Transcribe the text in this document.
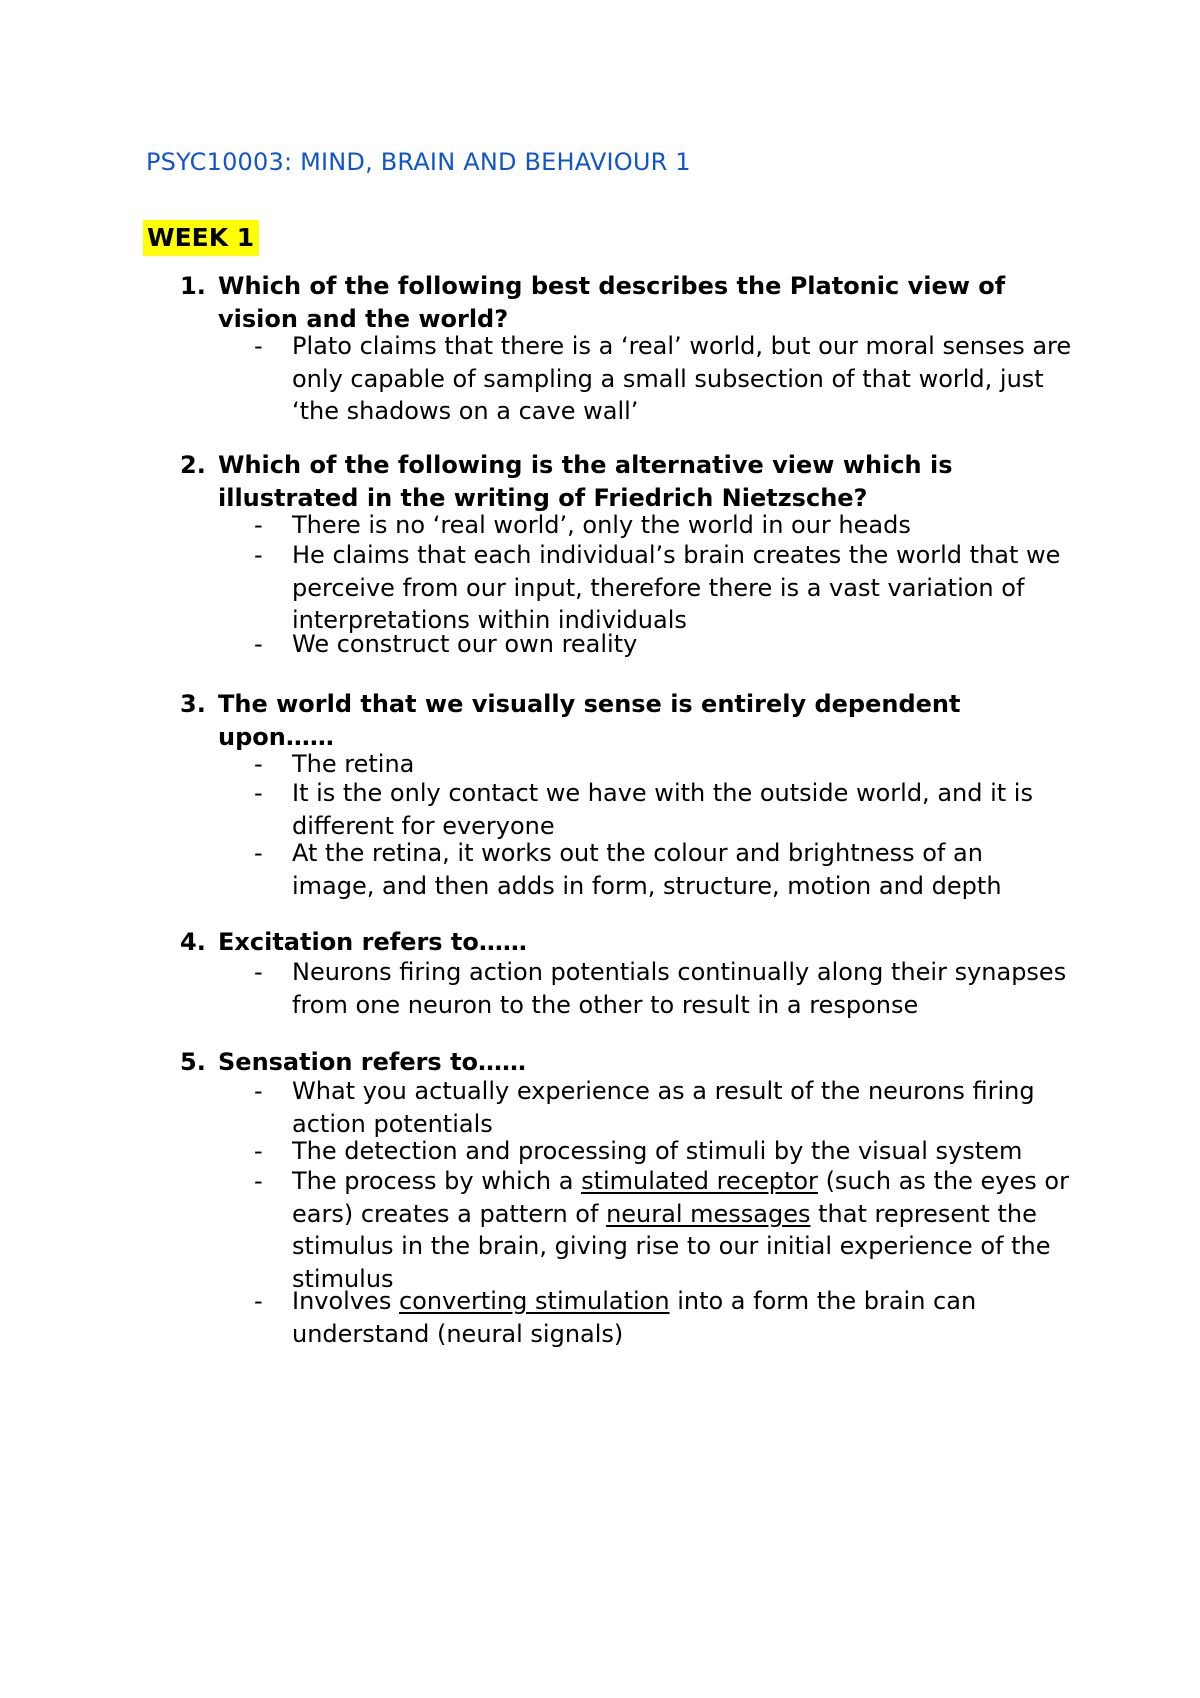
PSYC10003: MIND, BRAIN AND BEHAVIOUR 1
WEEK 1
1. Which of the following best describes the Platonic view of vision and the world?
- Plato claims that there is a ‘real’ world, but our moral senses are only capable of sampling a small subsection of that world, just ‘the shadows on a cave wall’
2. Which of the following is the alternative view which is illustrated in the writing of Friedrich Nietzsche?
- There is no ‘real world’, only the world in our heads
- He claims that each individual’s brain creates the world that we perceive from our input, therefore there is a vast variation of interpretations within individuals
- We construct our own reality
3. The world that we visually sense is entirely dependent upon……
- The retina
- It is the only contact we have with the outside world, and it is different for everyone
- At the retina, it works out the colour and brightness of an image, and then adds in form, structure, motion and depth
4. Excitation refers to……
- Neurons firing action potentials continually along their synapses from one neuron to the other to result in a response
5. Sensation refers to……
- What you actually experience as a result of the neurons firing action potentials
- The detection and processing of stimuli by the visual system
- The process by which a stimulated receptor (such as the eyes or ears) creates a pattern of neural messages that represent the stimulus in the brain, giving rise to our initial experience of the stimulus
- Involves converting stimulation into a form the brain can understand (neural signals)
